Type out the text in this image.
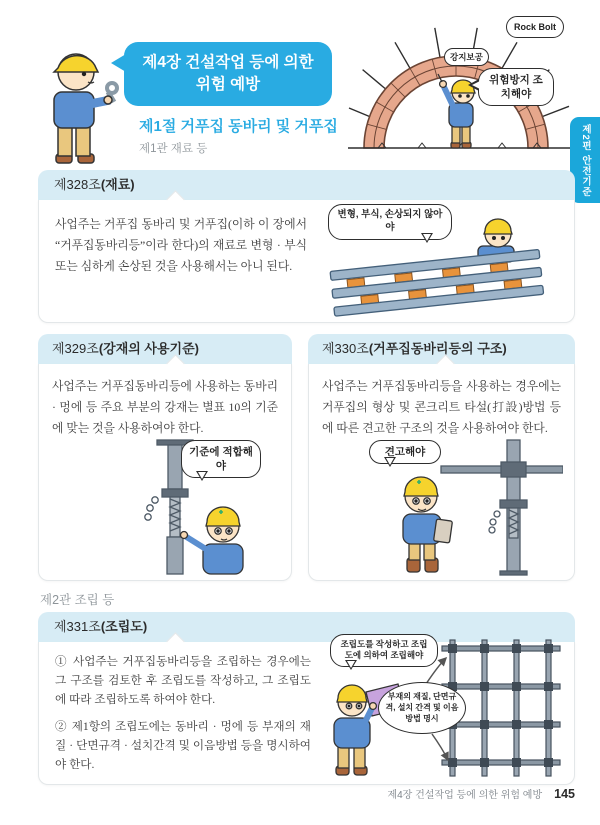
제4장 건설작업 등에 의한
위험 예방
제1절 거푸집 동바리 및 거푸집
제1관 재료 등
강지보공
Rock Bolt
위험방지 조치해야
제2편 안전기준
제328조(재료)
사업주는 거푸집 동바리 및 거푸집(이하 이 장에서 “거푸집동바리등”이라 한다)의 재료로 변형 · 부식 또는 심하게 손상된 것을 사용해서는 아니 된다.
변형, 부식, 손상되지 않아야
제329조(강재의 사용기준)
사업주는 거푸집동바리등에 사용하는 동바리 · 멍에 등 주요 부분의 강재는 별표 10의 기준에 맞는 것을 사용하여야 한다.
기준에 적합해야
제330조(거푸집동바리등의 구조)
사업주는 거푸집동바리등을 사용하는 경우에는 거푸집의 형상 및 콘크리트 타설(打設)방법 등에 따른 견고한 구조의 것을 사용하여야 한다.
견고해야
제2관 조립 등
제331조(조립도)
① 사업주는 거푸집동바리등을 조립하는 경우에는 그 구조를 검토한 후 조립도를 작성하고, 그 조립도에 따라 조립하도록 하여야 한다.
② 제1항의 조립도에는 동바리 · 멍에 등 부재의 재질 · 단면규격 · 설치간격 및 이음방법 등을 명시하여야 한다.
조립도를 작성하고 조립도에 의하여 조립해야
부재의 재질, 단면규격, 설치 간격 및 이음방법 명시
제4장 건설작업 등에 의한 위험 예방 145
